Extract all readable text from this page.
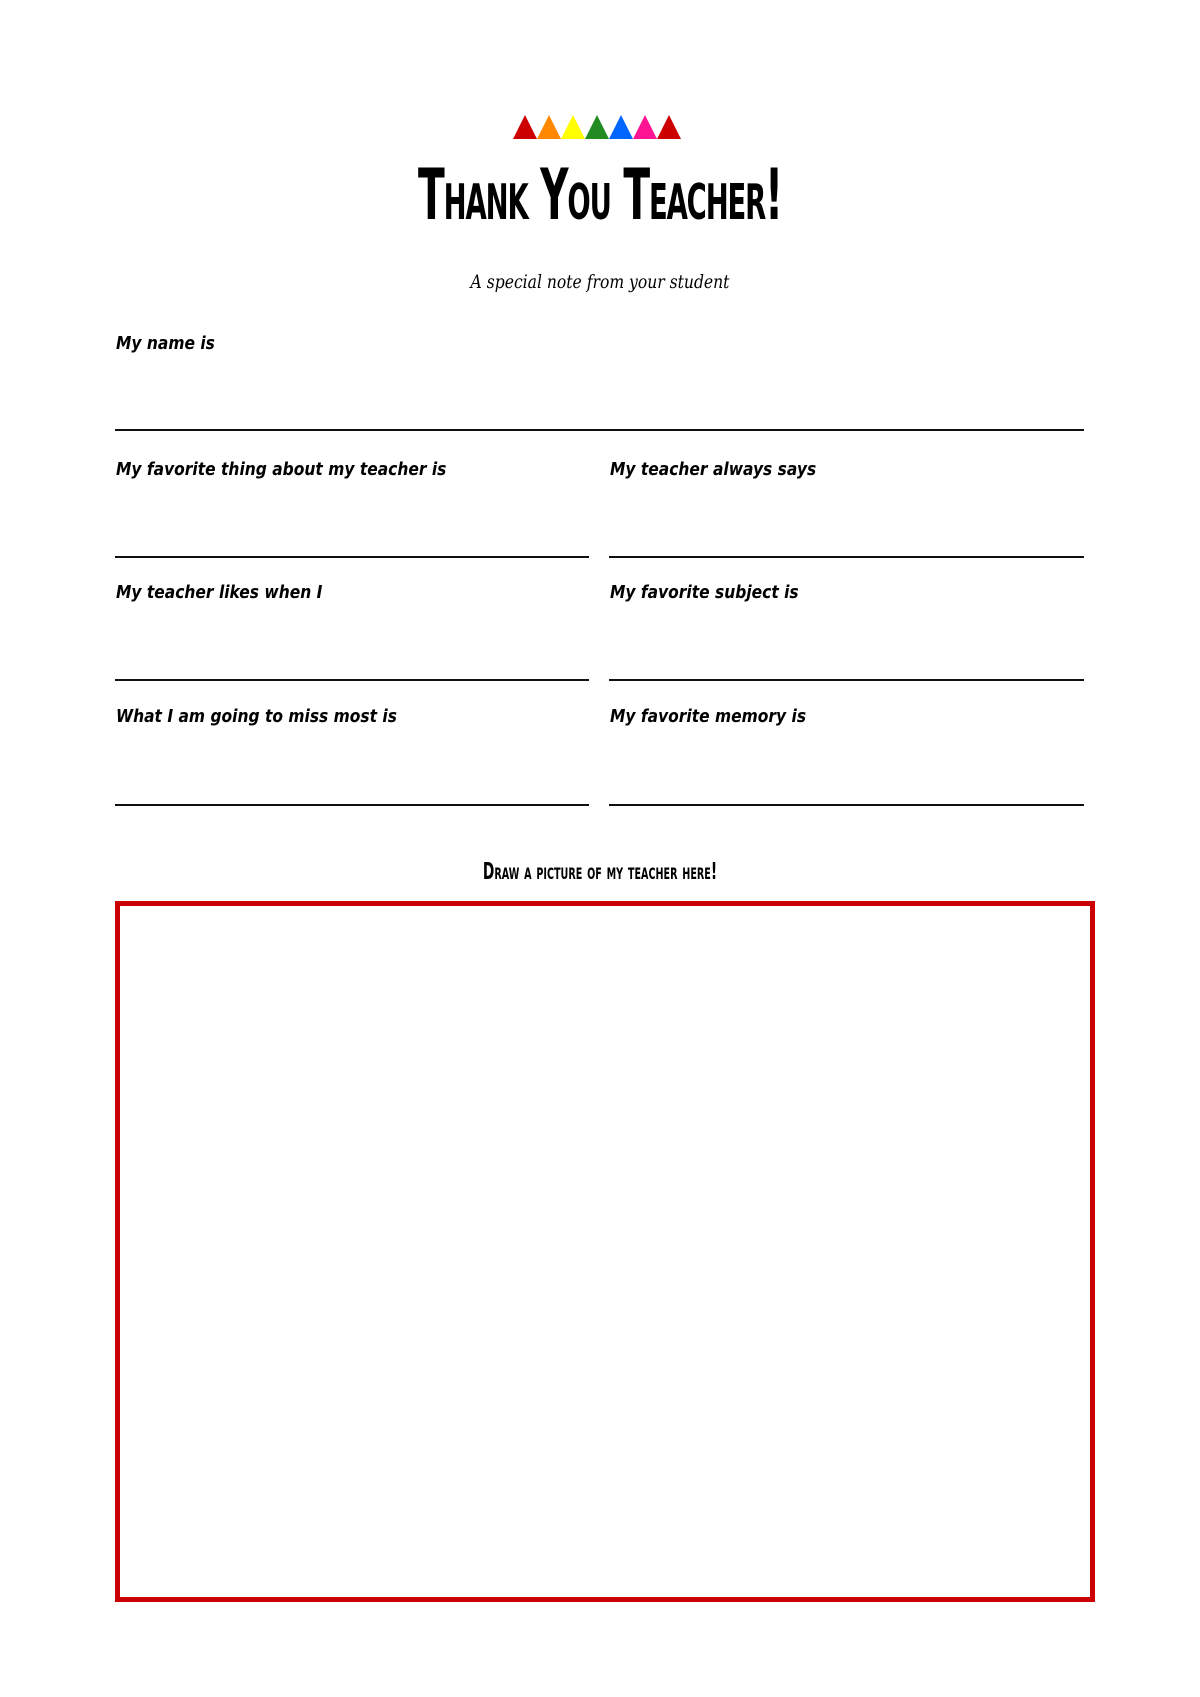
Thank You Teacher!
A special note from your student
My name is
My favorite thing about my teacher is	My teacher always says
My teacher likes when I	My favorite subject is
What I am going to miss most is	My favorite memory is
Draw a picture of my teacher here!
